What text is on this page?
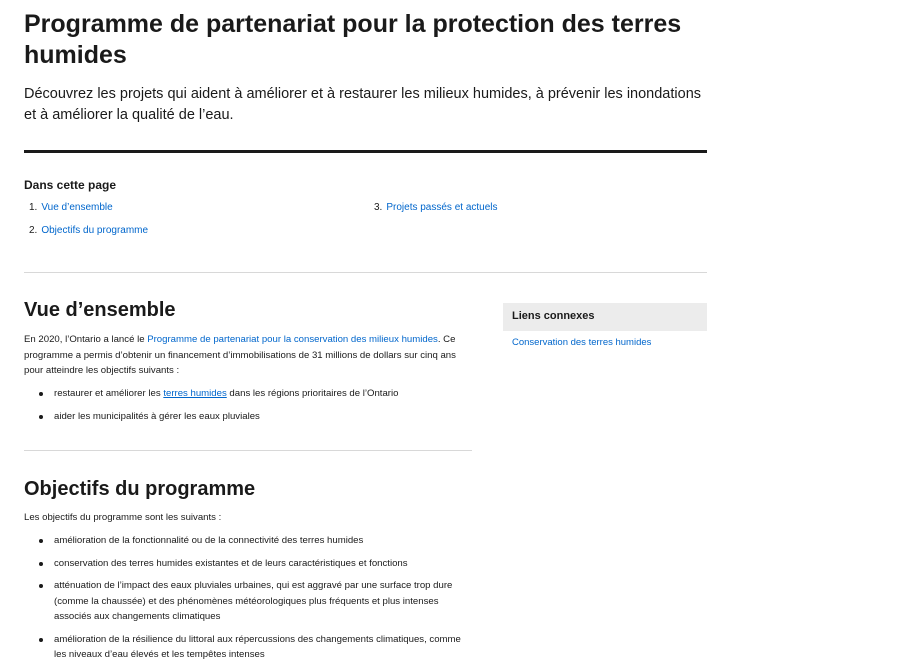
Programme de partenariat pour la protection des terres humides

Découvrez les projets qui aident à améliorer et à restaurer les milieux humides, à prévenir les inondations et à améliorer la qualité de l’eau.

Dans cette page
1. Vue d’ensemble
2. Objectifs du programme
3. Projets passés et actuels
Vue d’ensemble

En 2020, l’Ontario a lancé le Programme de partenariat pour la conservation des milieux humides. Ce programme a permis d’obtenir un financement d’immobilisations de 31 millions de dollars sur cinq ans pour atteindre les objectifs suivants :

restaurer et améliorer les terres humides dans les régions prioritaires de l’Ontario
aider les municipalités à gérer les eaux pluviales
Objectifs du programme

Les objectifs du programme sont les suivants :

amélioration de la fonctionnalité ou de la connectivité des terres humides
conservation des terres humides existantes et de leurs caractéristiques et fonctions
atténuation de l’impact des eaux pluviales urbaines, qui est aggravé par une surface trop dure (comme la chaussée) et des phénomènes météorologiques plus fréquents et plus intenses associés aux changements climatiques
amélioration de la résilience du littoral aux répercussions des changements climatiques, comme les niveaux d’eau élevés et les tempêtes intenses
Liens connexes
Conservation des terres humides
